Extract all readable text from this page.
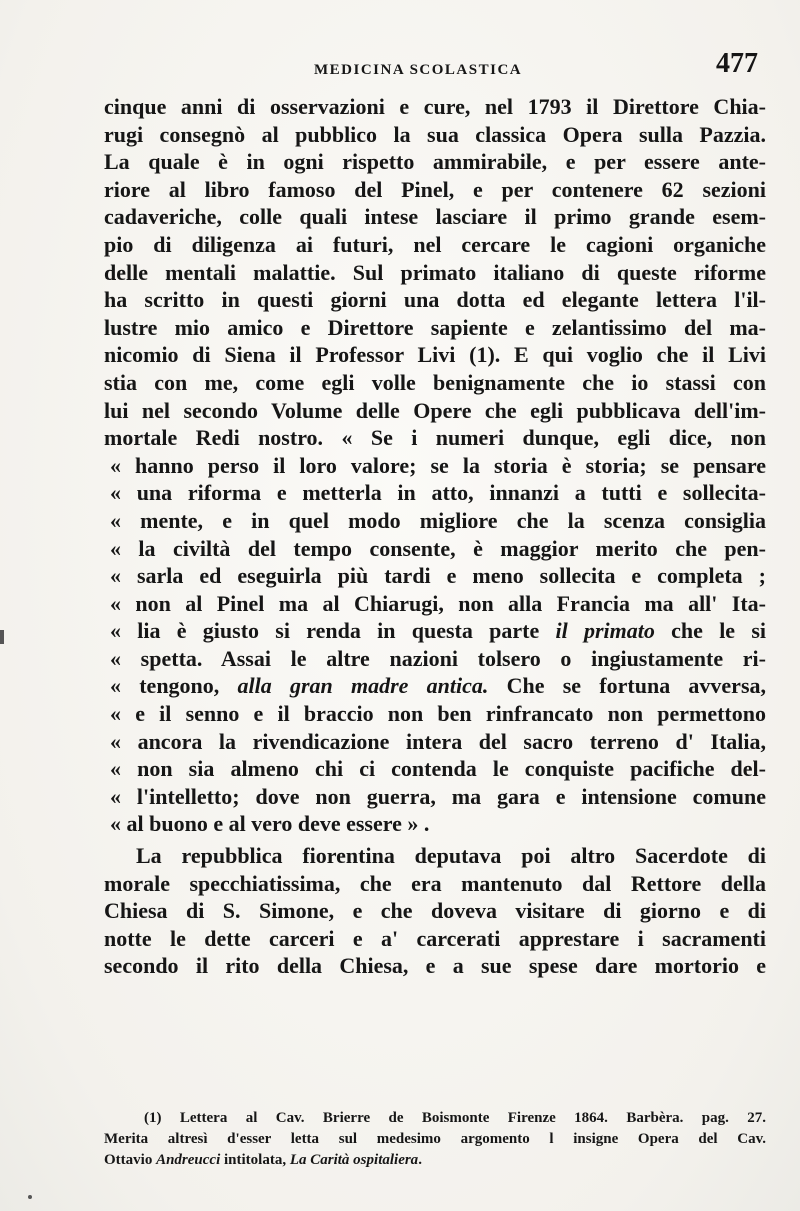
MEDICINA SCOLASTICA	477
cinque anni di osservazioni e cure, nel 1793 il Direttore Chia-
rugi consegnò al pubblico la sua classica Opera sulla Pazzia.
La quale è in ogni rispetto ammirabile, e per essere ante-
riore al libro famoso del Pinel, e per contenere 62 sezioni
cadaveriche, colle quali intese lasciare il primo grande esem-
pio di diligenza ai futuri, nel cercare le cagioni organiche
delle mentali malattie. Sul primato italiano di queste riforme
ha scritto in questi giorni una dotta ed elegante lettera l'il-
lustre mio amico e Direttore sapiente e zelantissimo del ma-
nicomio di Siena il Professor Livi (1). E qui voglio che il Livi
stia con me, come egli volle benignamente che io stassi con
lui nel secondo Volume delle Opere che egli pubblicava dell'im-
mortale Redi nostro. « Se i numeri dunque, egli dice, non
« hanno perso il loro valore; se la storia è storia; se pensare
« una riforma e metterla in atto, innanzi a tutti e sollecita-
« mente, e in quel modo migliore che la scenza consiglia
« la civiltà del tempo consente, è maggior merito che pen-
« sarla ed eseguirla più tardi e meno sollecita e completa ;
« non al Pinel ma al Chiarugi, non alla Francia ma all' Ita-
« lia è giusto si renda in questa parte il primato che le si
« spetta. Assai le altre nazioni tolsero o ingiustamente ri-
« tengono, alla gran madre antica. Che se fortuna avversa,
« e il senno e il braccio non ben rinfrancato non permettono
« ancora la rivendicazione intera del sacro terreno d' Italia,
« non sia almeno chi ci contenda le conquiste pacifiche del-
« l'intelletto; dove non guerra, ma gara e intensione comune
« al buono e al vero deve essere » .
La repubblica fiorentina deputava poi altro Sacerdote di
morale specchiatissima, che era mantenuto dal Rettore della
Chiesa di S. Simone, e che doveva visitare di giorno e di
notte le dette carceri e a' carcerati apprestare i sacramenti
secondo il rito della Chiesa, e a sue spese dare mortorio e
(1) Lettera al Cav. Brierre de Boismonte Firenze 1864. Barbèra. pag. 27.
Merita altresì d'esser letta sul medesimo argomento l insigne Opera del Cav.
Ottavio Andreucci intitolata, La Carità ospitaliera.
